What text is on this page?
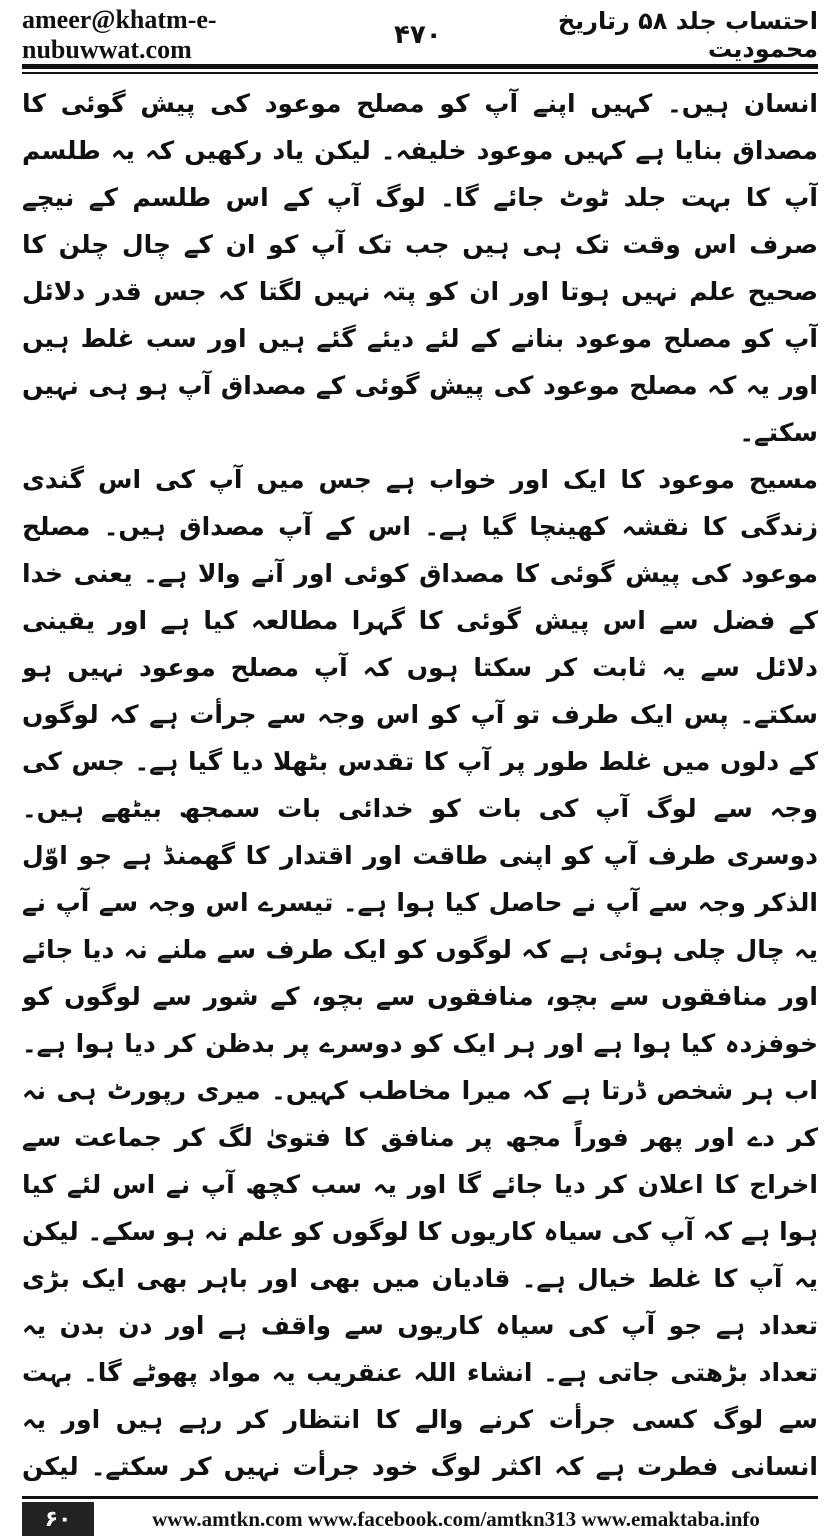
ameer@khatm-e-nubuwwat.com	۴۷۰	احتساب جلد ۵۸ رتاریخ محمودیت

انسان ہیں۔ کہیں اپنے آپ کو مصلح موعود کی پیش گوئی کا مصداق بنایا ہے کہیں موعود خلیفہ۔ لیکن یاد رکھیں کہ یہ طلسم آپ کا بہت جلد ٹوٹ جائے گا۔ لوگ آپ کے اس طلسم کے نیچے صرف اس وقت تک ہی ہیں جب تک آپ کو ان کے چال چلن کا صحیح علم نہیں ہوتا اور ان کو پتہ نہیں لگتا کہ جس قدر دلائل آپ کو مصلح موعود بنانے کے لئے دیئے گئے ہیں اور سب غلط ہیں اور یہ کہ مصلح موعود کی پیش گوئی کے مصداق آپ ہو ہی نہیں سکتے۔

مسیح موعود کا ایک اور خواب ہے جس میں آپ کی اس گندی زندگی کا نقشہ کھینچا گیا ہے۔ اس کے آپ مصداق ہیں۔ مصلح موعود کی پیش گوئی کا مصداق کوئی اور آنے والا ہے۔ یعنی خدا کے فضل سے اس پیش گوئی کا گہرا مطالعہ کیا ہے اور یقینی دلائل سے یہ ثابت کر سکتا ہوں کہ آپ مصلح موعود نہیں ہو سکتے۔ پس ایک طرف تو آپ کو اس وجہ سے جرأت ہے کہ لوگوں کے دلوں میں غلط طور پر آپ کا تقدس بٹھلا دیا گیا ہے۔ جس کی وجہ سے لوگ آپ کی بات کو خدائی بات سمجھ بیٹھے ہیں۔ دوسری طرف آپ کو اپنی طاقت اور اقتدار کا گھمنڈ ہے جو اوّل الذکر وجہ سے آپ نے حاصل کیا ہوا ہے۔ تیسرے اس وجہ سے آپ نے یہ چال چلی ہوئی ہے کہ لوگوں کو ایک طرف سے ملنے نہ دیا جائے اور منافقوں سے بچو، منافقوں سے بچو، کے شور سے لوگوں کو خوفزدہ کیا ہوا ہے اور ہر ایک کو دوسرے پر بدظن کر دیا ہوا ہے۔ اب ہر شخص ڈرتا ہے کہ میرا مخاطب کہیں۔ میری رپورٹ ہی نہ کر دے اور پھر فوراً مجھ پر منافق کا فتویٰ لگ کر جماعت سے اخراج کا اعلان کر دیا جائے گا اور یہ سب کچھ آپ نے اس لئے کیا ہوا ہے کہ آپ کی سیاہ کاریوں کا لوگوں کو علم نہ ہو سکے۔ لیکن یہ آپ کا غلط خیال ہے۔ قادیان میں بھی اور باہر بھی ایک بڑی تعداد ہے جو آپ کی سیاہ کاریوں سے واقف ہے اور دن بدن یہ تعداد بڑھتی جاتی ہے۔ انشاء اللہ عنقریب یہ مواد پھوٹے گا۔ بہت سے لوگ کسی جرأت کرنے والے کا انتظار کر رہے ہیں اور یہ انسانی فطرت ہے کہ اکثر لوگ خود جرأت نہیں کر سکتے۔ لیکن

۶۰	www.amtkn.com www.facebook.com/amtkn313 www.emaktaba.info
